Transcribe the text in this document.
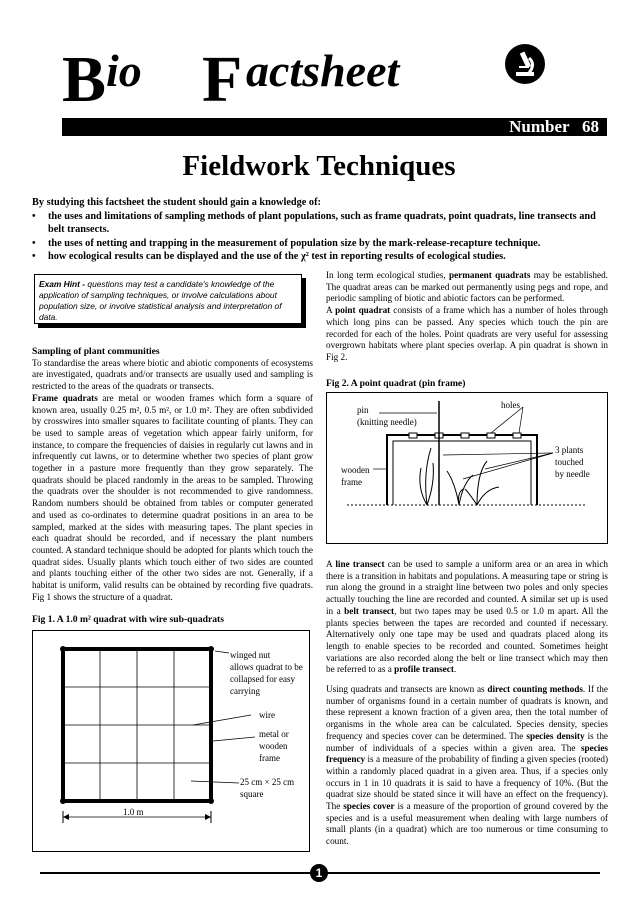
B
io F actsheet
Number   68
Fieldwork Techniques
By studying this factsheet the student should gain a knowledge of:
• the uses and limitations of sampling methods of plant populations, such as frame quadrats, point quadrats, line transects and belt transects.
• the uses of netting and trapping in the measurement of population size by the mark-release-recapture technique.
• how ecological results can be displayed and the use of the χ² test in reporting results of ecological studies.
Exam Hint - questions may test a candidate's knowledge of the application of sampling techniques, or involve calculations about population size, or involve statistical analysis and interpretation of data.

Sampling of plant communities

To standardise the areas where biotic and abiotic components of ecosystems are investigated, quadrats and/or transects are usually used and sampling is restricted to the areas of the quadrats or transects.

Frame quadrats are metal or wooden frames which form a square of known area, usually 0.25 m², 0.5 m², or 1.0 m². They are often subdivided by crosswires into smaller squares to facilitate counting of plants. They can be used to sample areas of vegetation which appear fairly uniform, for instance, to compare the frequencies of daisies in regularly cut lawns and in infrequently cut lawns, or to determine whether two species of plant grow together in a pasture more frequently than they grow separately. The quadrats should be placed randomly in the areas to be sampled. Throwing the quadrats over the shoulder is not recommended to give randomness. Random numbers should be obtained from tables or computer generated and used as co-ordinates to determine quadrat positions in an area to be sampled, marked at the sides with measuring tapes. The plant species in each quadrat should be recorded, and if necessary the plant numbers counted. A standard technique should be adopted for plants which touch the quadrat sides. Usually plants which touch either of two sides are counted and plants touching either of the other two sides are not. Generally, if a habitat is uniform, valid results can be obtained by recording five quadrats. Fig 1 shows the structure of a quadrat.

Fig 1. A 1.0 m² quadrat with wire sub-quadrats
winged nut
allows quadrat to be
collapsed for easy
carrying
wire
metal or
wooden
frame
25 cm × 25 cm
square
1.0 m

In long term ecological studies, permanent quadrats may be established. The quadrat areas can be marked out permanently using pegs and rope, and periodic sampling of biotic and abiotic factors can be performed.

A point quadrat consists of a frame which has a number of holes through which long pins can be passed. Any species which touch the pin are recorded for each of the holes. Point quadrats are very useful for assessing overgrown habitats where plant species overlap. A pin quadrat is shown in Fig 2.

Fig 2. A point quadrat (pin frame)
pin
(knitting needle)
holes
3 plants
touched
by needle
wooden
frame

A line transect can be used to sample a uniform area or an area in which there is a transition in habitats and populations. A measuring tape or string is run along the ground in a straight line between two poles and only species actually touching the line are recorded and counted. A similar set up is used in a belt transect, but two tapes may be used 0.5 or 1.0 m apart. All the plants species between the tapes are recorded and counted if necessary. Alternatively only one tape may be used and quadrats placed along its length to enable species to be recorded and counted. Sometimes height variations are also recorded along the belt or line transect which may then be referred to as a profile transect.

Using quadrats and transects are known as direct counting methods. If the number of organisms found in a certain number of quadrats is known, and these represent a known fraction of a given area, then the total number of organisms in the whole area can be calculated. Species density, species frequency and species cover can be determined. The species density is the number of individuals of a species within a given area. The species frequency is a measure of the probability of finding a given species (rooted) within a randomly placed quadrat in a given area. Thus, if a species only occurs in 1 in 10 quadrats it is said to have a frequency of 10%. (But the quadrat size should be stated since it will have an effect on the frequency). The species cover is a measure of the proportion of ground covered by the species and is a useful measurement when dealing with large numbers of small plants (in a quadrat) which are too numerous or time consuming to count.

1
